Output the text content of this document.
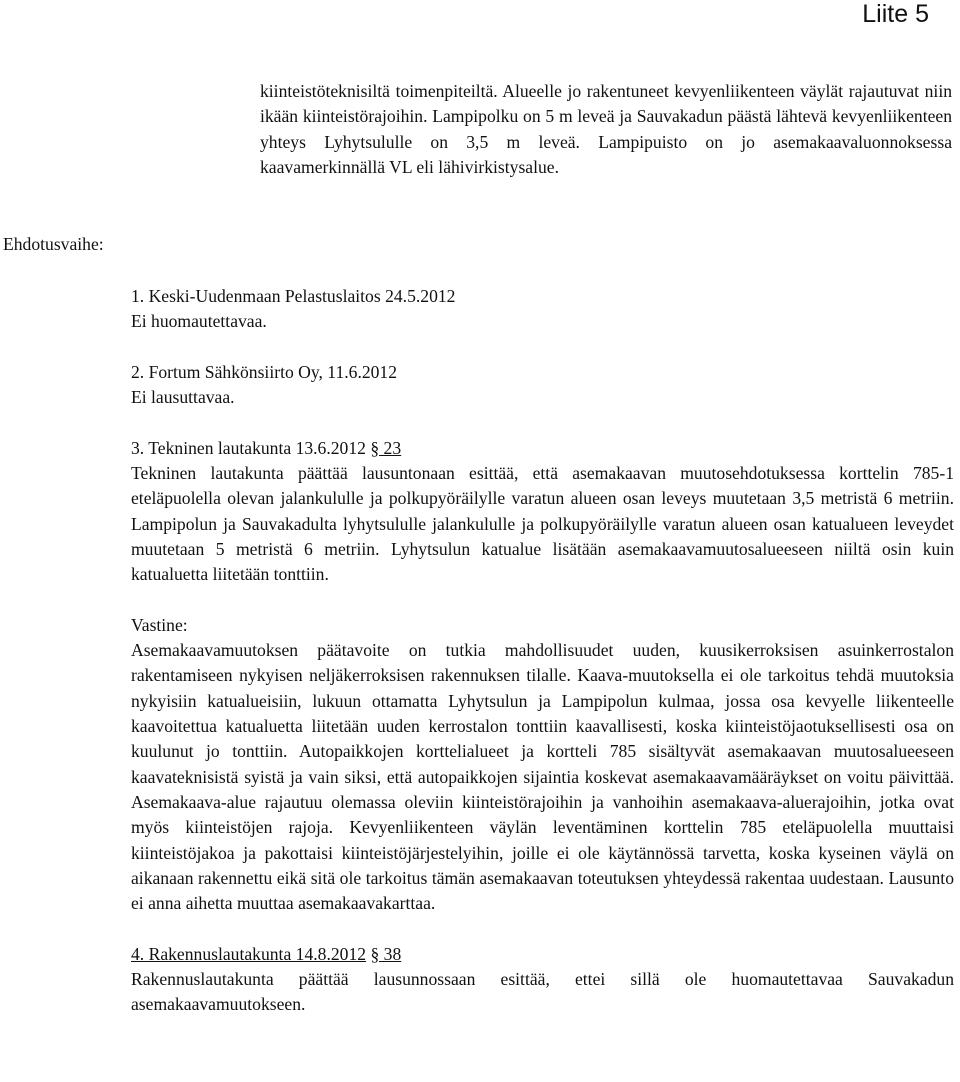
Liite 5
kiinteistöteknisiltä toimenpiteiltä. Alueelle jo rakentuneet kevyenliikenteen väylät rajautuvat niin ikään kiinteistörajoihin. Lampipolku on 5 m leveä ja Sauvakadun päästä lähtevä kevyenliikenteen yhteys Lyhytsululle on 3,5 m leveä. Lampipuisto on jo asemakaavaluonnoksessa kaavamerkinnällä VL eli lähivirkistysalue.
Ehdotusvaihe:

1. Keski-Uudenmaan Pelastuslaitos 24.5.2012

Ei huomautettavaa.

2. Fortum Sähkönsiirto Oy, 11.6.2012

Ei lausuttavaa.

3. Tekninen lautakunta 13.6.2012 § 23

Tekninen lautakunta päättää lausuntonaan esittää, että asemakaavan muutosehdotuksessa korttelin 785-1 eteläpuolella olevan jalankululle ja polkupyöräilylle varatun alueen osan leveys muutetaan 3,5 metristä 6 metriin. Lampipolun ja Sauvakadulta lyhytsululle jalankululle ja polkupyöräilylle varatun alueen osan katualueen leveydet muutetaan 5 metristä 6 metriin. Lyhytsulun katualue lisätään asemakaavamuutosalueeseen niiltä osin kuin katualuetta liitetään tonttiin.

Vastine:

Asemakaavamuutoksen päätavoite on tutkia mahdollisuudet uuden, kuusikerroksisen asuinkerrostalon rakentamiseen nykyisen neljäkerroksisen rakennuksen tilalle. Kaava-muutoksella ei ole tarkoitus tehdä muutoksia nykyisiin katualueisiin, lukuun ottamatta Lyhytsulun ja Lampipolun kulmaa, jossa osa kevyelle liikenteelle kaavoitettua katualuetta liitetään uuden kerrostalon tonttiin kaavallisesti, koska kiinteistöjaotuksellisesti osa on kuulunut jo tonttiin. Autopaikkojen korttelialueet ja kortteli 785 sisältyvät asemakaavan muutosalueeseen kaavateknisistä syistä ja vain siksi, että autopaikkojen sijaintia koskevat asemakaavamääräykset on voitu päivittää. Asemakaava-alue rajautuu olemassa oleviin kiinteistörajoihin ja vanhoihin asemakaava-aluerajoihin, jotka ovat myös kiinteistöjen rajoja. Kevyenliikenteen väylän leventäminen korttelin 785 eteläpuolella muuttaisi kiinteistöjakoa ja pakottaisi kiinteistöjärjestelyihin, joille ei ole käytännössä tarvetta, koska kyseinen väylä on aikanaan rakennettu eikä sitä ole tarkoitus tämän asemakaavan toteutuksen yhteydessä rakentaa uudestaan. Lausunto ei anna aihetta muuttaa asemakaavakarttaa.

4. Rakennuslautakunta 14.8.2012 § 38

Rakennuslautakunta päättää lausunnossaan esittää, ettei sillä ole huomautettavaa Sauvakadun asemakaavamuutokseen.
